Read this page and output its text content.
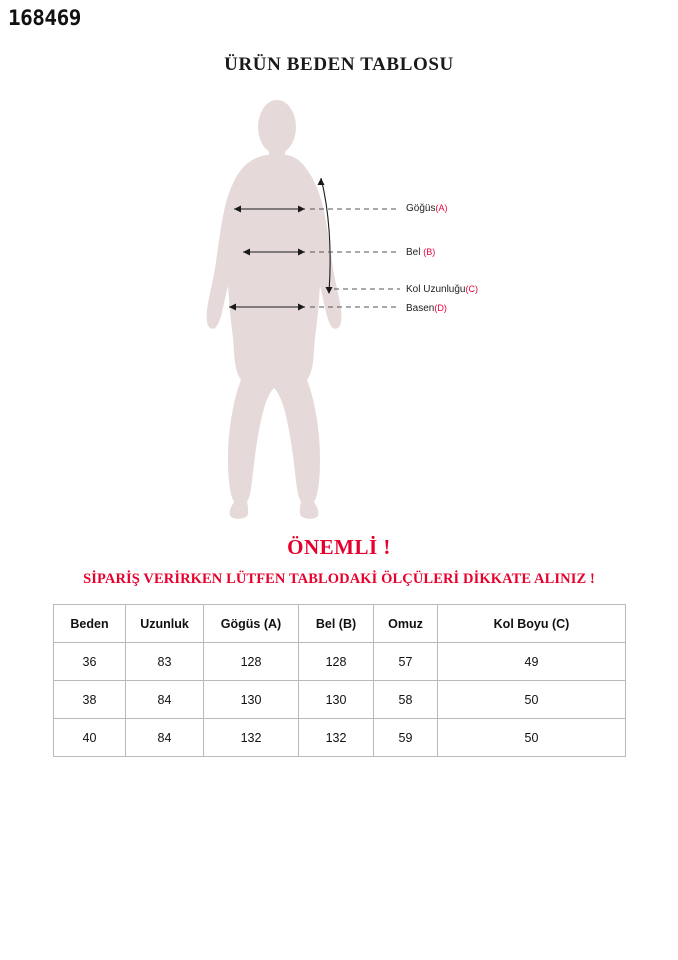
168469
ÜRÜN BEDEN TABLOSU
Göğüs(A)
Bel (B)
Kol Uzunluğu(C)
Basen(D)
ÖNEMLİ !
SİPARİŞ VERİRKEN LÜTFEN TABLODAKİ ÖLÇÜLERİ DİKKATE ALINIZ !
Beden	Uzunluk	Gögüs (A)	Bel (B)	Omuz	Kol Boyu (C)
36	83	128	128	57	49
38	84	130	130	58	50
40	84	132	132	59	50
